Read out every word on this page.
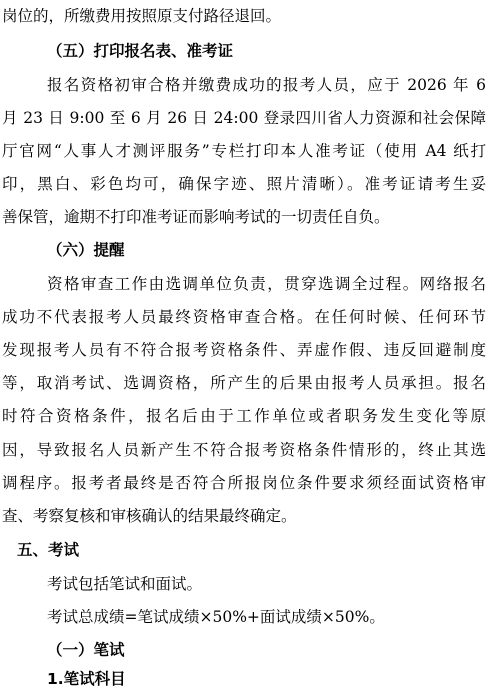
岗位的，所缴费用按照原支付路径退回。
（五）打印报名表、准考证
报名资格初审合格并缴费成功的报考人员，应于 2026 年 6
月 23 日 9:00 至 6 月 26 日 24:00 登录四川省人力资源和社会保障
厅官网“人事人才测评服务”专栏打印本人准考证（使用 A4 纸打
印，黑白、彩色均可，确保字迹、照片清晰）。准考证请考生妥
善保管，逾期不打印准考证而影响考试的一切责任自负。
（六）提醒
资格审查工作由选调单位负责，贯穿选调全过程。网络报名
成功不代表报考人员最终资格审查合格。在任何时候、任何环节
发现报考人员有不符合报考资格条件、弄虚作假、违反回避制度
等，取消考试、选调资格，所产生的后果由报考人员承担。报名
时符合资格条件，报名后由于工作单位或者职务发生变化等原
因，导致报名人员新产生不符合报考资格条件情形的，终止其选
调程序。报考者最终是否符合所报岗位条件要求须经面试资格审
查、考察复核和审核确认的结果最终确定。
五、考试
考试包括笔试和面试。
考试总成绩=笔试成绩×50%+面试成绩×50%。
（一）笔试
1.笔试科目
